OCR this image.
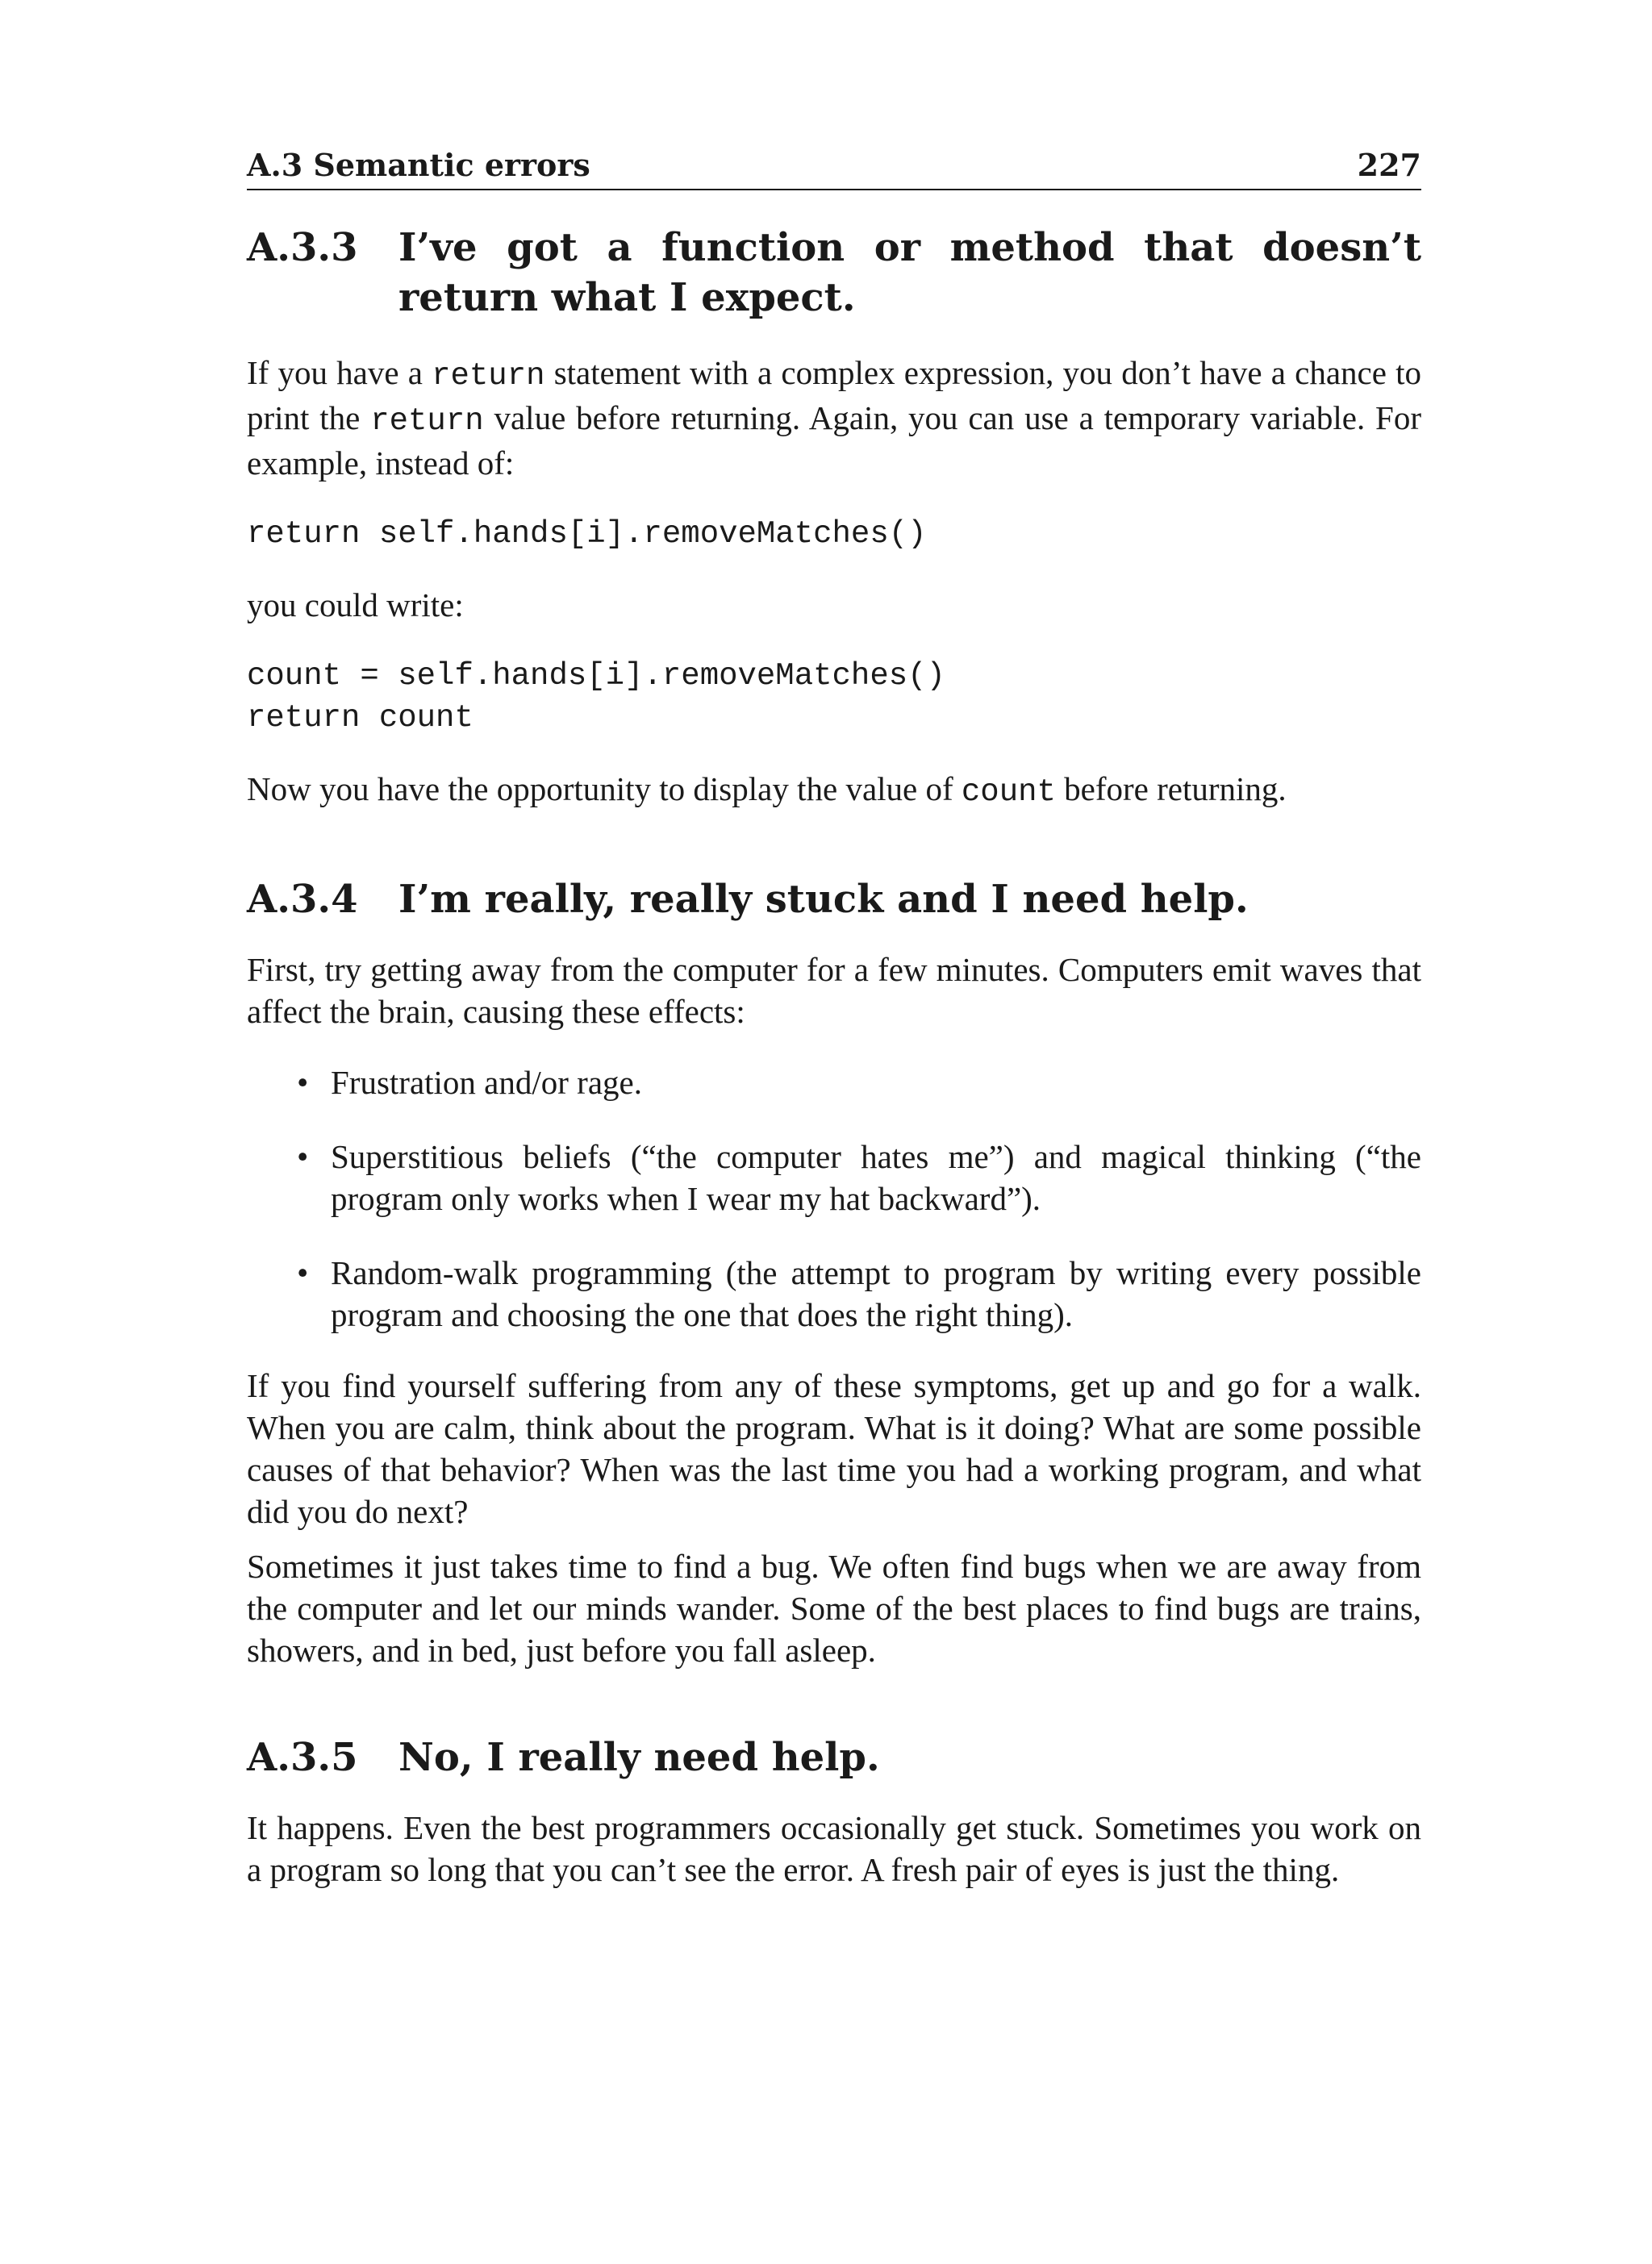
A.3 Semantic errors	227
A.3.3	I’ve got a function or method that doesn’t return what I expect.

If you have a return statement with a complex expression, you don’t have a chance to print the return value before returning. Again, you can use a temporary variable. For example, instead of:

return self.hands[i].removeMatches()

you could write:

count = self.hands[i].removeMatches()
return count

Now you have the opportunity to display the value of count before returning.

A.3.4	I’m really, really stuck and I need help.

First, try getting away from the computer for a few minutes. Computers emit waves that affect the brain, causing these effects:

• Frustration and/or rage.
• Superstitious beliefs (“the computer hates me”) and magical thinking (“the program only works when I wear my hat backward”).
• Random-walk programming (the attempt to program by writing every possible program and choosing the one that does the right thing).

If you find yourself suffering from any of these symptoms, get up and go for a walk. When you are calm, think about the program. What is it doing? What are some possible causes of that behavior? When was the last time you had a working program, and what did you do next?

Sometimes it just takes time to find a bug. We often find bugs when we are away from the computer and let our minds wander. Some of the best places to find bugs are trains, showers, and in bed, just before you fall asleep.

A.3.5	No, I really need help.

It happens. Even the best programmers occasionally get stuck. Sometimes you work on a program so long that you can’t see the error. A fresh pair of eyes is just the thing.
